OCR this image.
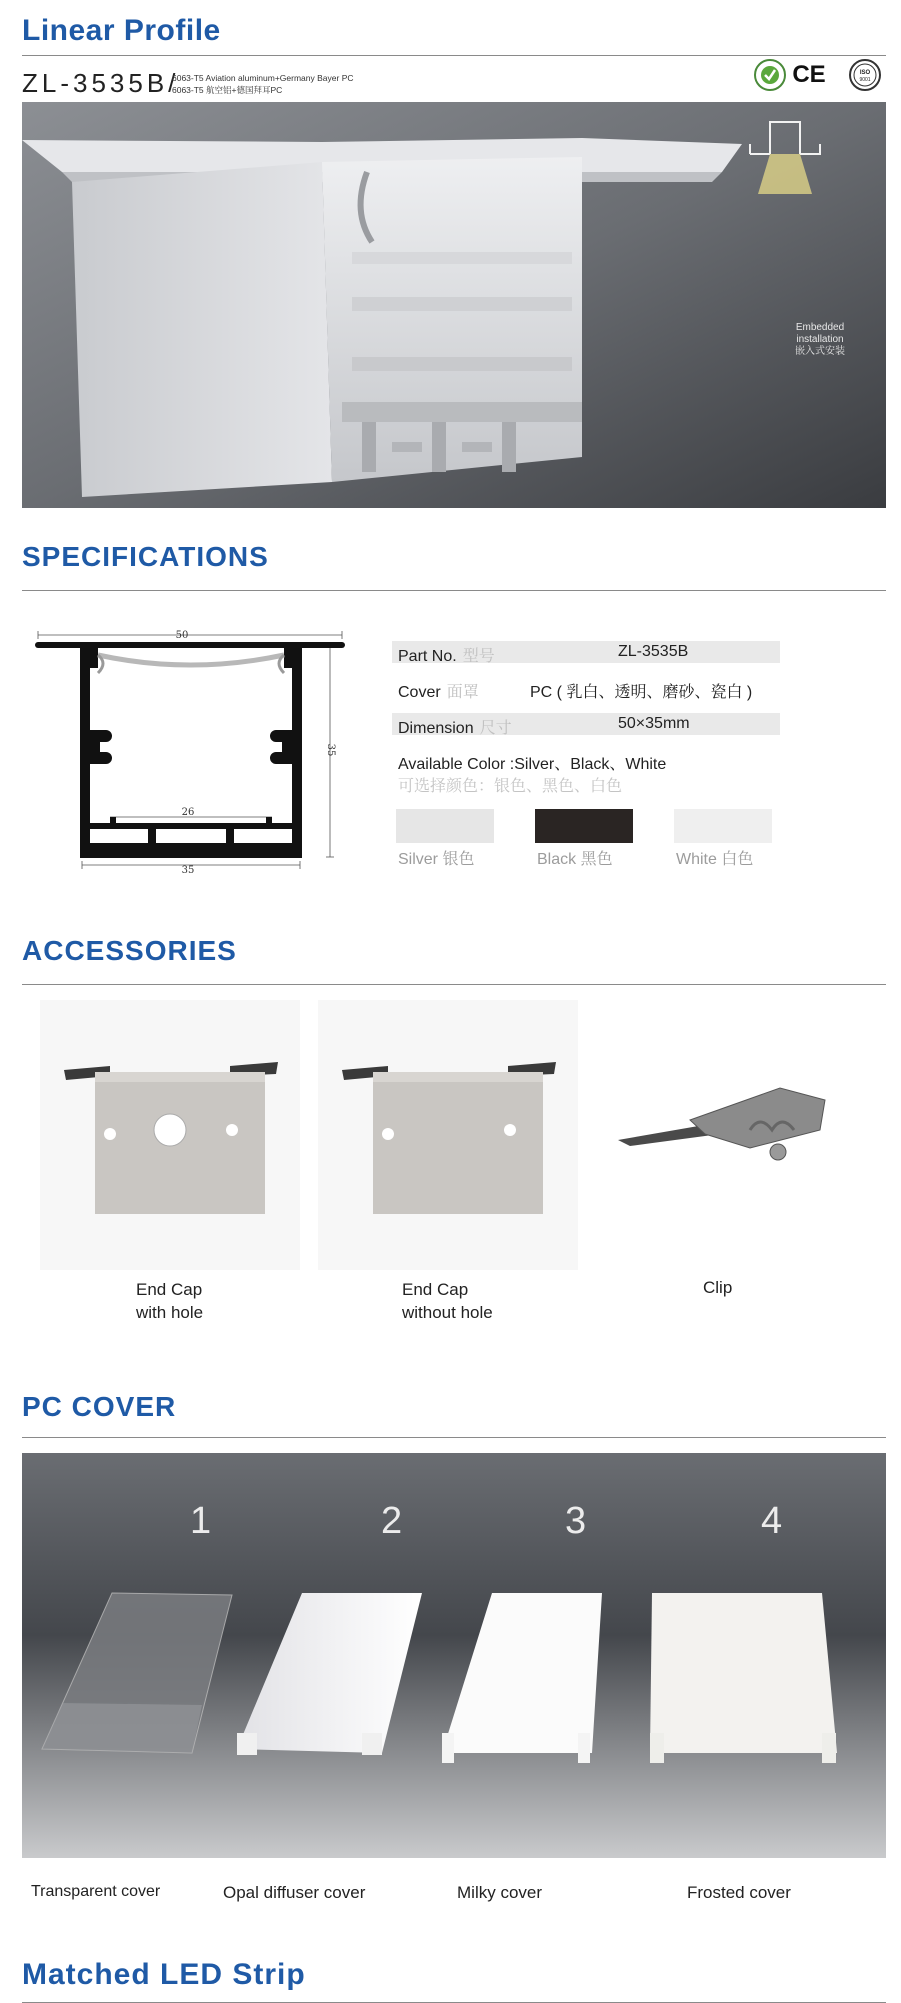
Linear Profile
ZL-3535B/
6063-T5 Aviation aluminum+Germany Bayer PC
6063-T5 航空铝+德国拜耳PC
CE	ISO
9001
Embedded
installation
嵌入式安装
SPECIFICATIONS
50
35
26
35
Part No. 型号	ZL-3535B
Cover 面罩	PC ( 乳白、透明、磨砂、瓷白 )
Dimension 尺寸	50×35mm
Available Color :Silver、Black、White
可选择颜色：银色、黑色、白色
Silver 银色	Black 黑色	White 白色
ACCESSORIES
End Cap
with hole
End Cap
without hole
Clip
PC COVER
1	2	3	4
Transparent cover	Opal diffuser cover	Milky cover	Frosted cover
Matched LED Strip
